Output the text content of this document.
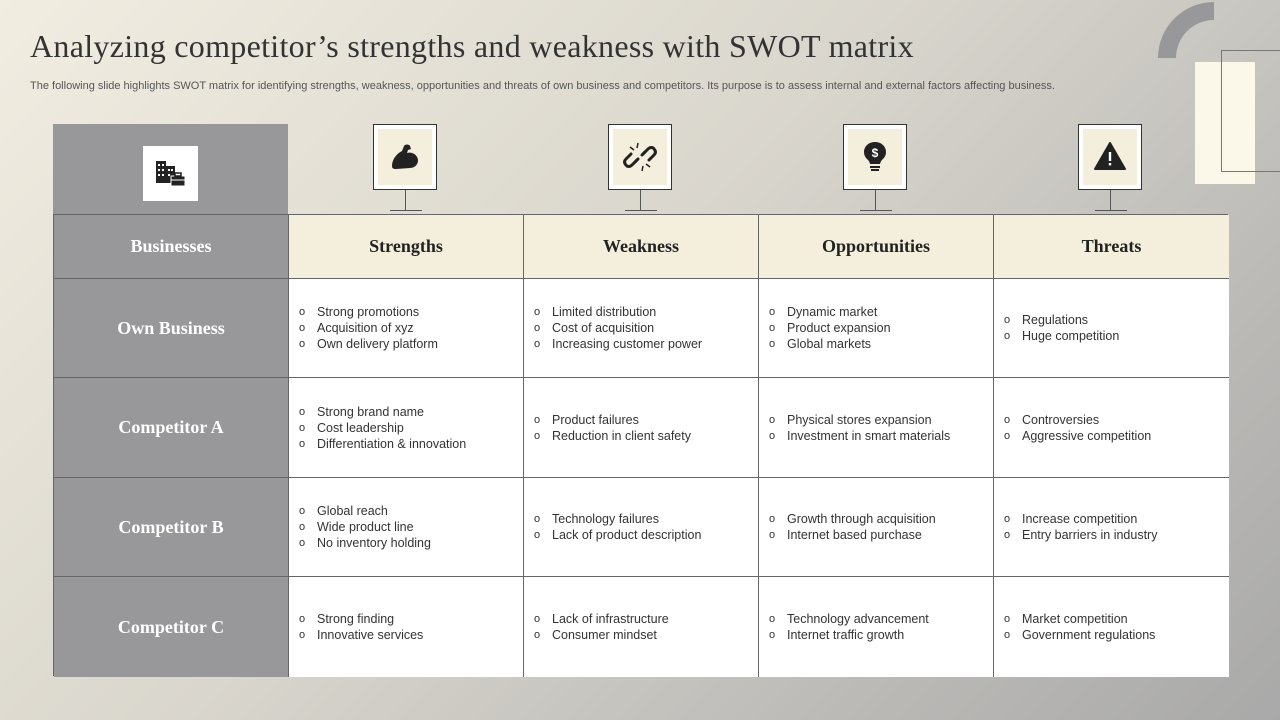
Analyzing competitor’s strengths and weakness with SWOT matrix
The following slide highlights SWOT matrix for identifying strengths, weakness, opportunities and threats of own business and competitors. Its purpose is to assess internal and external factors affecting business.
$
Businesses	Strengths	Weakness	Opportunities	Threats
Own Business
o Strong promotions
o Acquisition of xyz
o Own delivery platform
o Limited distribution
o Cost of acquisition
o Increasing customer power
o Dynamic market
o Product expansion
o Global markets
o Regulations
o Huge competition
Competitor A
o Strong brand name
o Cost leadership
o Differentiation & innovation
o Product failures
o Reduction in client safety
o Physical stores expansion
o Investment in smart materials
o Controversies
o Aggressive competition
Competitor B
o Global reach
o Wide product line
o No inventory holding
o Technology failures
o Lack of product description
o Growth through acquisition
o Internet based purchase
o Increase competition
o Entry barriers in industry
Competitor C
o	Strong finding
o Innovative services
o Lack of infrastructure
o Consumer mindset
o Technology advancement
o Internet traffic growth
o Market competition
o Government regulations
